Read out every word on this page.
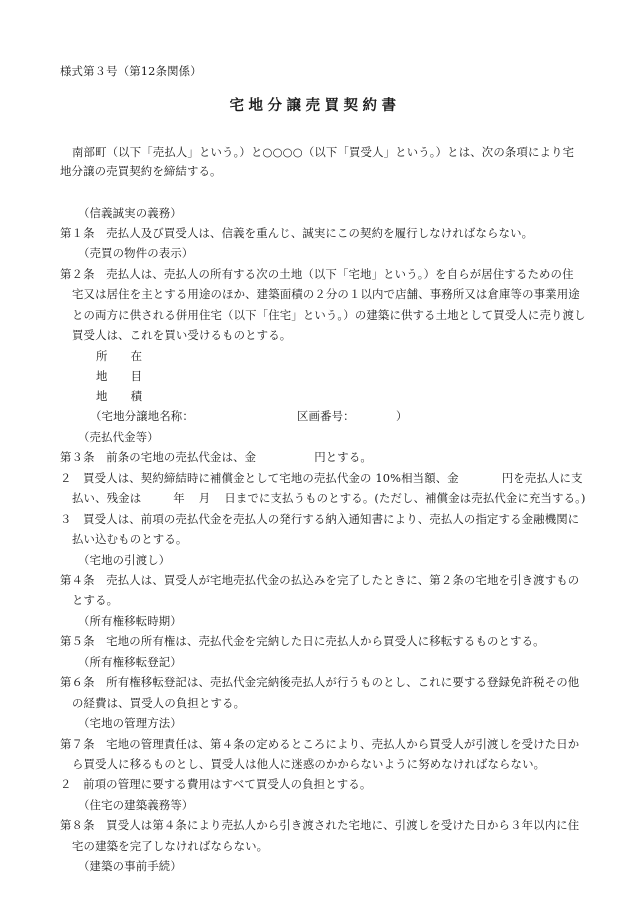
様式第３号（第12条関係）
宅地分譲売買契約書
南部町（以下「売払人」という。）と○○○○（以下「買受人」という。）とは、次の条項により宅
地分譲の売買契約を締結する。
（信義誠実の義務）
第１条　売払人及び買受人は、信義を重んじ、誠実にこの契約を履行しなければならない。
（売買の物件の表示）
第２条　売払人は、売払人の所有する次の土地（以下「宅地」という。）を自らが居住するための住
宅又は居住を主とする用途のほか、建築面積の２分の１以内で店舗、事務所又は倉庫等の事業用途
との両方に供される併用住宅（以下「住宅」という。）の建築に供する土地として買受人に売り渡し
買受人は、これを買い受けるものとする。
所　　在
地　　目
地　　積
（宅地分譲地名称：	区画番号：	）
（売払代金等）
第３条　前条の宅地の売払代金は、金	円とする。
２　買受人は、契約締結時に補償金として宅地の売払代金の 10%相当額、金	円を売払人に支
払い、残金は	年 月 日までに支払うものとする。(ただし、補償金は売払代金に充当する。)
３　買受人は、前項の売払代金を売払人の発行する納入通知書により、売払人の指定する金融機関に
払い込むものとする。
（宅地の引渡し）
第４条　売払人は、買受人が宅地売払代金の払込みを完了したときに、第２条の宅地を引き渡すもの
とする。
（所有権移転時期）
第５条　宅地の所有権は、売払代金を完納した日に売払人から買受人に移転するものとする。
（所有権移転登記）
第６条　所有権移転登記は、売払代金完納後売払人が行うものとし、これに要する登録免許税その他
の経費は、買受人の負担とする。
（宅地の管理方法）
第７条　宅地の管理責任は、第４条の定めるところにより、売払人から買受人が引渡しを受けた日か
ら買受人に移るものとし、買受人は他人に迷惑のかからないように努めなければならない。
２　前項の管理に要する費用はすべて買受人の負担とする。
（住宅の建築義務等）
第８条　買受人は第４条により売払人から引き渡された宅地に、引渡しを受けた日から３年以内に住
宅の建築を完了しなければならない。
（建築の事前手続）
